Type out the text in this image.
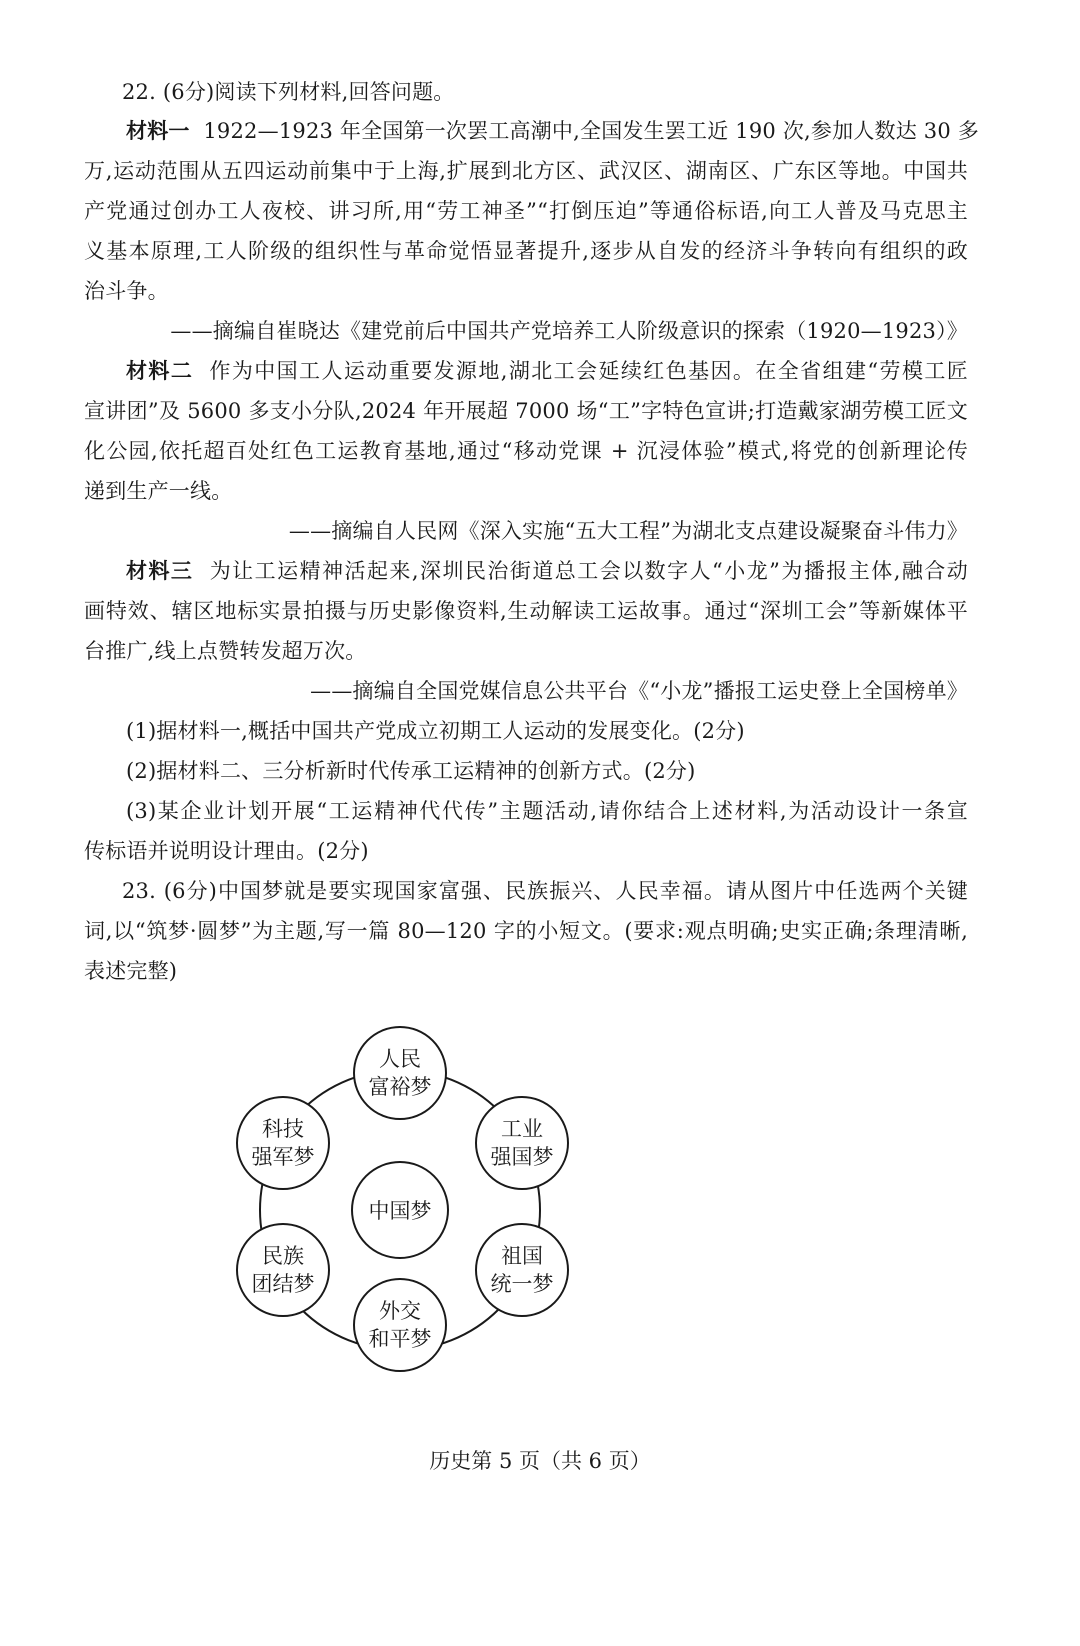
22. (6分)阅读下列材料,回答问题。
材料一 1922—1923 年全国第一次罢工高潮中,全国发生罢工近 190 次,参加人数达 30 多
万,运动范围从五四运动前集中于上海,扩展到北方区、武汉区、湖南区、广东区等地。中国共
产党通过创办工人夜校、讲习所,用“劳工神圣”“打倒压迫”等通俗标语,向工人普及马克思主
义基本原理,工人阶级的组织性与革命觉悟显著提升,逐步从自发的经济斗争转向有组织的政
治斗争。
——摘编自崔晓达《建党前后中国共产党培养工人阶级意识的探索（1920—1923）》
材料二 作为中国工人运动重要发源地,湖北工会延续红色基因。在全省组建“劳模工匠
宣讲团”及 5600 多支小分队,2024 年开展超 7000 场“工”字特色宣讲;打造戴家湖劳模工匠文
化公园,依托超百处红色工运教育基地,通过“移动党课 + 沉浸体验”模式,将党的创新理论传
递到生产一线。
——摘编自人民网《深入实施“五大工程”为湖北支点建设凝聚奋斗伟力》
材料三 为让工运精神活起来,深圳民治街道总工会以数字人“小龙”为播报主体,融合动
画特效、辖区地标实景拍摄与历史影像资料,生动解读工运故事。通过“深圳工会”等新媒体平
台推广,线上点赞转发超万次。
——摘编自全国党媒信息公共平台《“小龙”播报工运史登上全国榜单》
(1)据材料一,概括中国共产党成立初期工人运动的发展变化。(2分)
(2)据材料二、三分析新时代传承工运精神的创新方式。(2分)
(3)某企业计划开展“工运精神代代传”主题活动,请你结合上述材料,为活动设计一条宣
传标语并说明设计理由。(2分)
23. (6分)中国梦就是要实现国家富强、民族振兴、人民幸福。请从图片中任选两个关键
词,以“筑梦·圆梦”为主题,写一篇 80—120 字的小短文。(要求:观点明确;史实正确;条理清晰,
表述完整)
中国梦
人民
富裕梦
工业
强国梦
祖国
统一梦
外交
和平梦
民族
团结梦
科技
强军梦
历史第 5 页（共 6 页）
